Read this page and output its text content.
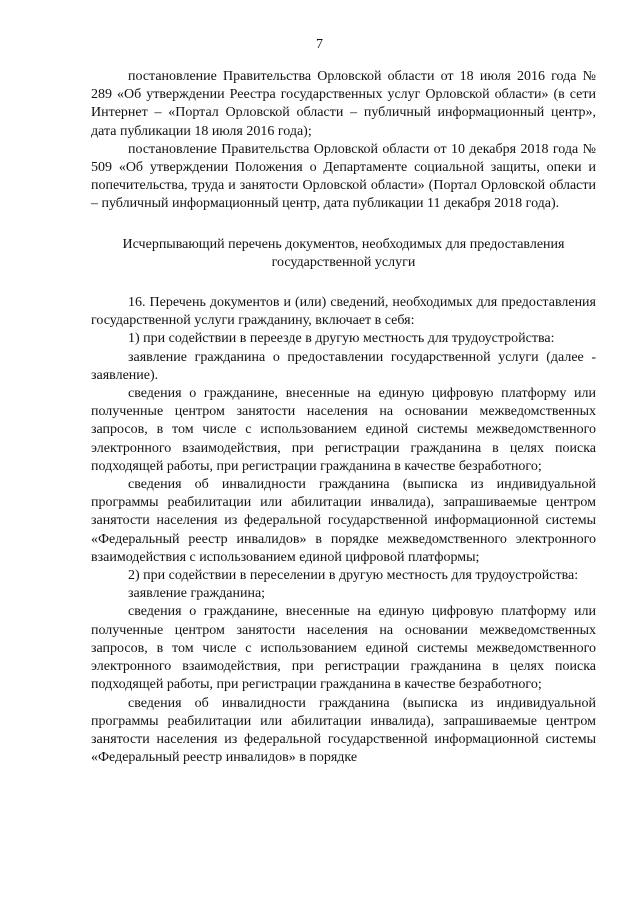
7

постановление Правительства Орловской области от 18 июля 2016 года № 289 «Об утверждении Реестра государственных услуг Орловской области» (в сети Интернет – «Портал Орловской области – публичный информационный центр», дата публикации 18 июля 2016 года);

постановление Правительства Орловской области от 10 декабря 2018 года № 509 «Об утверждении Положения о Департаменте социальной защиты, опеки и попечительства, труда и занятости Орловской области» (Портал Орловской области – публичный информационный центр, дата публикации 11 декабря 2018 года).

Исчерпывающий перечень документов, необходимых для предоставления государственной услуги

16. Перечень документов и (или) сведений, необходимых для предоставления государственной услуги гражданину, включает в себя:

1) при содействии в переезде в другую местность для трудоустройства:

заявление гражданина о предоставлении государственной услуги (далее - заявление).

сведения о гражданине, внесенные на единую цифровую платформу или полученные центром занятости населения на основании межведомственных запросов, в том числе с использованием единой системы межведомственного электронного взаимодействия, при регистрации гражданина в целях поиска подходящей работы, при регистрации гражданина в качестве безработного;

сведения об инвалидности гражданина (выписка из индивидуальной программы реабилитации или абилитации инвалида), запрашиваемые центром занятости населения из федеральной государственной информационной системы «Федеральный реестр инвалидов» в порядке межведомственного электронного взаимодействия с использованием единой цифровой платформы;

2) при содействии в переселении в другую местность для трудоустройства:

заявление гражданина;

сведения о гражданине, внесенные на единую цифровую платформу или полученные центром занятости населения на основании межведомственных запросов, в том числе с использованием единой системы межведомственного электронного взаимодействия, при регистрации гражданина в целях поиска подходящей работы, при регистрации гражданина в качестве безработного;

сведения об инвалидности гражданина (выписка из индивидуальной программы реабилитации или абилитации инвалида), запрашиваемые центром занятости населения из федеральной государственной информационной системы «Федеральный реестр инвалидов» в порядке
